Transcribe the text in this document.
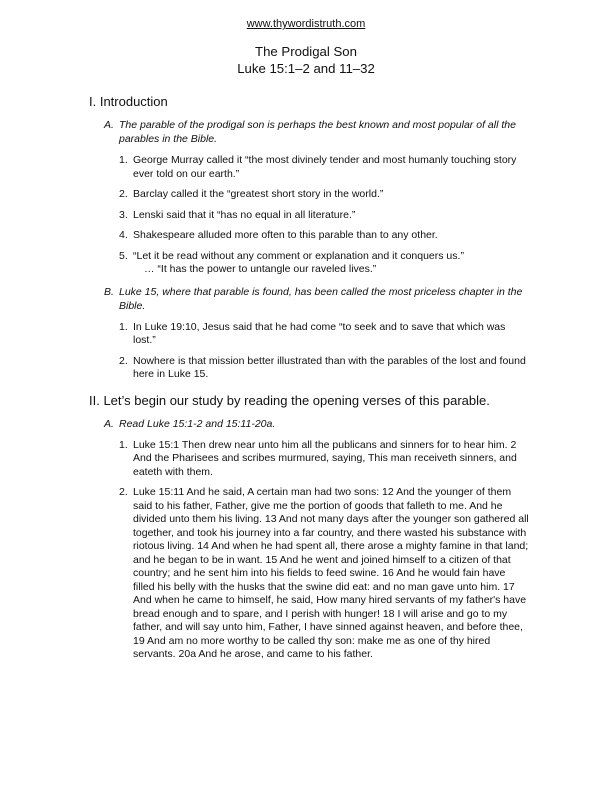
www.thywordistruth.com
The Prodigal Son
Luke 15:1–2 and 11–32
I. Introduction
A. The parable of the prodigal son is perhaps the best known and most popular of all the parables in the Bible.
1. George Murray called it “the most divinely tender and most humanly touching story ever told on our earth.”
2. Barclay called it the “greatest short story in the world.”
3. Lenski said that it “has no equal in all literature.”
4. Shakespeare alluded more often to this parable than to any other.
5. “Let it be read without any comment or explanation and it conquers us.”
… “It has the power to untangle our raveled lives.”
B. Luke 15, where that parable is found, has been called the most priceless chapter in the Bible.
1. In Luke 19:10, Jesus said that he had come “to seek and to save that which was lost.”
2. Nowhere is that mission better illustrated than with the parables of the lost and found here in Luke 15.
II. Let’s begin our study by reading the opening verses of this parable.
A. Read Luke 15:1-2 and 15:11-20a.
1. Luke 15:1 Then drew near unto him all the publicans and sinners for to hear him. 2 And the Pharisees and scribes murmured, saying, This man receiveth sinners, and eateth with them.
2. Luke 15:11 And he said, A certain man had two sons: 12 And the younger of them said to his father, Father, give me the portion of goods that falleth to me. And he divided unto them his living. 13 And not many days after the younger son gathered all together, and took his journey into a far country, and there wasted his substance with riotous living. 14 And when he had spent all, there arose a mighty famine in that land; and he began to be in want. 15 And he went and joined himself to a citizen of that country; and he sent him into his fields to feed swine. 16 And he would fain have filled his belly with the husks that the swine did eat: and no man gave unto him. 17 And when he came to himself, he said, How many hired servants of my father's have bread enough and to spare, and I perish with hunger! 18 I will arise and go to my father, and will say unto him, Father, I have sinned against heaven, and before thee, 19 And am no more worthy to be called thy son: make me as one of thy hired servants. 20a And he arose, and came to his father.
